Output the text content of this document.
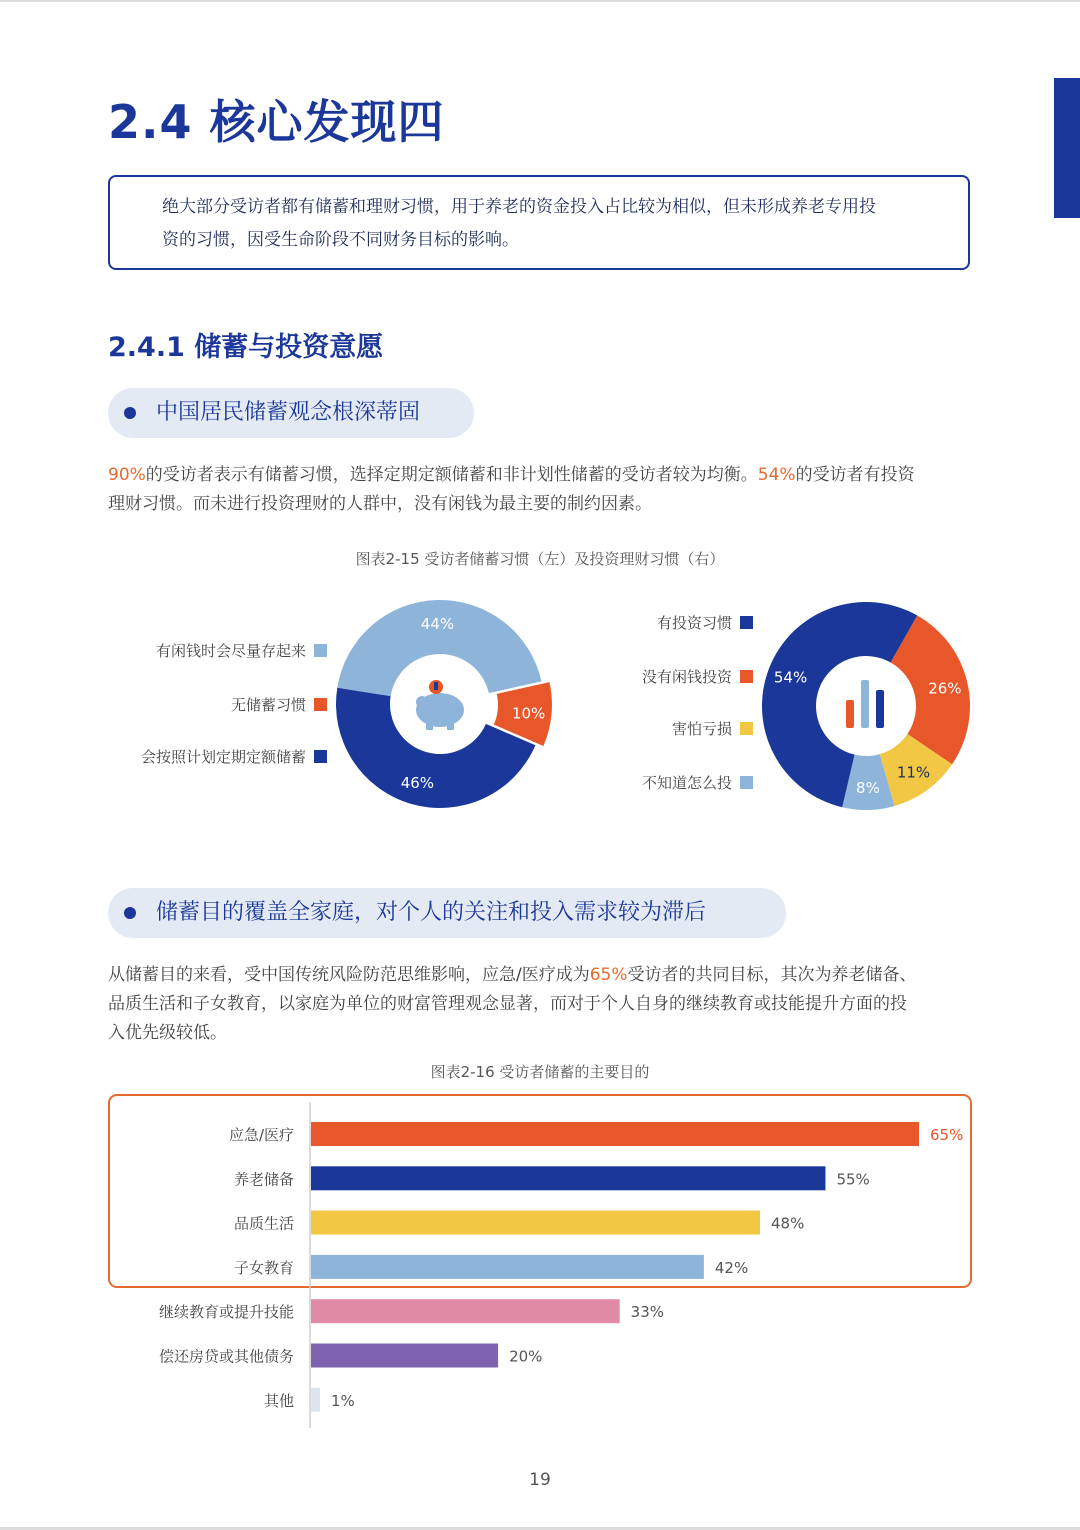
2.4 核心发现四
绝大部分受访者都有储蓄和理财习惯，用于养老的资金投入占比较为相似，但未形成养老专用投
资的习惯，因受生命阶段不同财务目标的影响。
2.4.1 储蓄与投资意愿
中国居民储蓄观念根深蒂固
90%的受访者表示有储蓄习惯，选择定期定额储蓄和非计划性储蓄的受访者较为均衡。54%的受访者有投资
理财习惯。而未进行投资理财的人群中，没有闲钱为最主要的制约因素。
图表2-15 受访者储蓄习惯（左）及投资理财习惯（右）
44%
10%
46%
有闲钱时会尽量存起来
无储蓄习惯
会按照计划定期定额储蓄
54%
26%
11%
8%
有投资习惯
没有闲钱投资
害怕亏损
不知道怎么投
储蓄目的覆盖全家庭，对个人的关注和投入需求较为滞后
从储蓄目的来看，受中国传统风险防范思维影响，应急/医疗成为65%受访者的共同目标，其次为养老储备、
品质生活和子女教育，以家庭为单位的财富管理观念显著，而对于个人自身的继续教育或技能提升方面的投
入优先级较低。
图表2-16 受访者储蓄的主要目的
应急/医疗	65%
养老储备	55%
品质生活	48%
子女教育	42%
继续教育或提升技能	33%
偿还房贷或其他债务	20%
其他 1%
19
